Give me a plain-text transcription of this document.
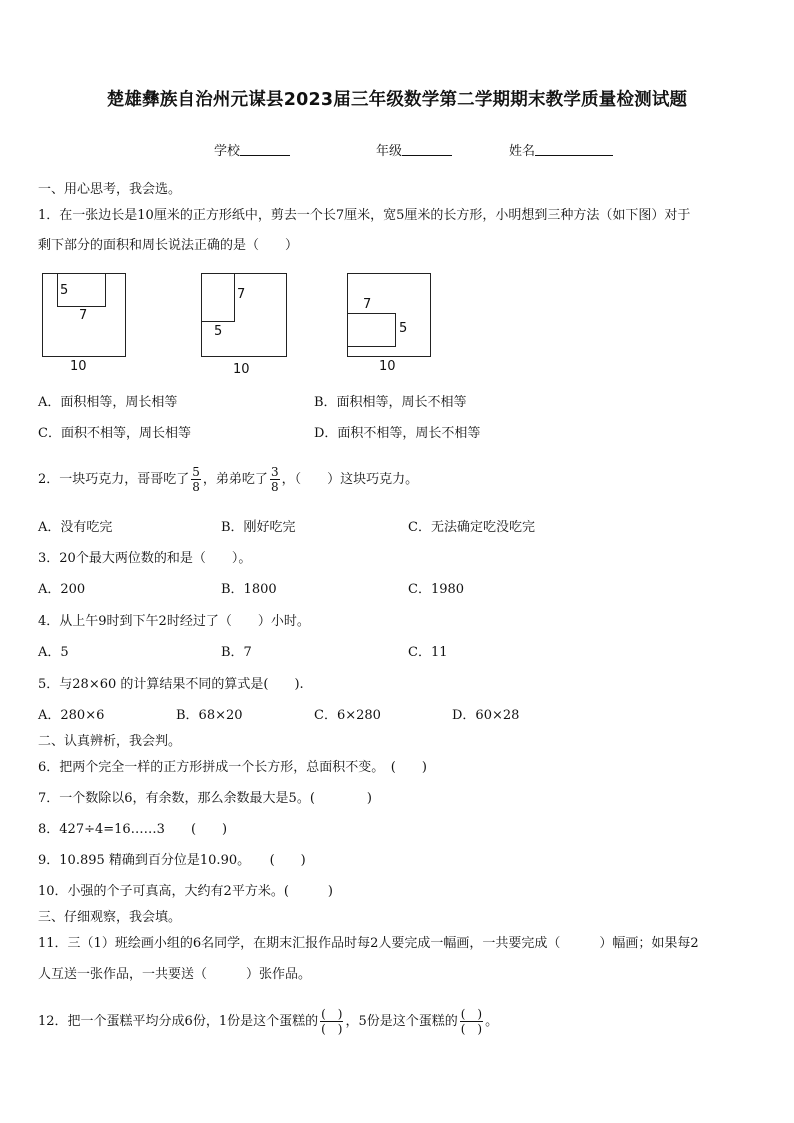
楚雄彝族自治州元谋县2023届三年级数学第二学期期末教学质量检测试题
学校	年级	姓名
一、用心思考，我会选。
1．在一张边长是10厘米的正方形纸中，剪去一个长7厘米，宽5厘米的长方形，小明想到三种方法（如下图）对于
剩下部分的面积和周长说法正确的是（　　）
5
7
10
7
5
10
7
5
10
A．面积相等，周长相等	B．面积相等，周长不相等
C．面积不相等，周长相等	D．面积不相等，周长不相等
2．一块巧克力，哥哥吃了 $\frac{5}{8}$ ，弟弟吃了 $\frac{3}{8}$ ，（　　）这块巧克力。
A．没有吃完	B．刚好吃完	C．无法确定吃没吃完
3．20个最大两位数的和是（　　）。
A．200	B．1800	C．1980
4．从上午9时到下午2时经过了（　　）小时。
A．5	B．7	C．11
5．与28×60 的计算结果不同的算式是(　　).
A．280×6	B．68×20	C．6×280	D．60×28
二、认真辨析，我会判。
6．把两个完全一样的正方形拼成一个长方形，总面积不变。　(　　)
7．一个数除以6，有余数，那么余数最大是5。(　　　　)
8．427÷4=16……3　　(　　)
9．10.895 精确到百分位是10.90。　　(　　)
10．小强的个子可真高，大约有2平方米。(　　　)
三、仔细观察，我会填。
11．三（1）班绘画小组的6名同学，在期末汇报作品时每2人要完成一幅画，一共要完成（　　　）幅画；如果每2
人互送一张作品，一共要送（　　　）张作品。
12．把一个蛋糕平均分成6份，1份是这个蛋糕的 $\frac{( )}{( )}$ ，5份是这个蛋糕的 $\frac{( )}{( )}$ 。
